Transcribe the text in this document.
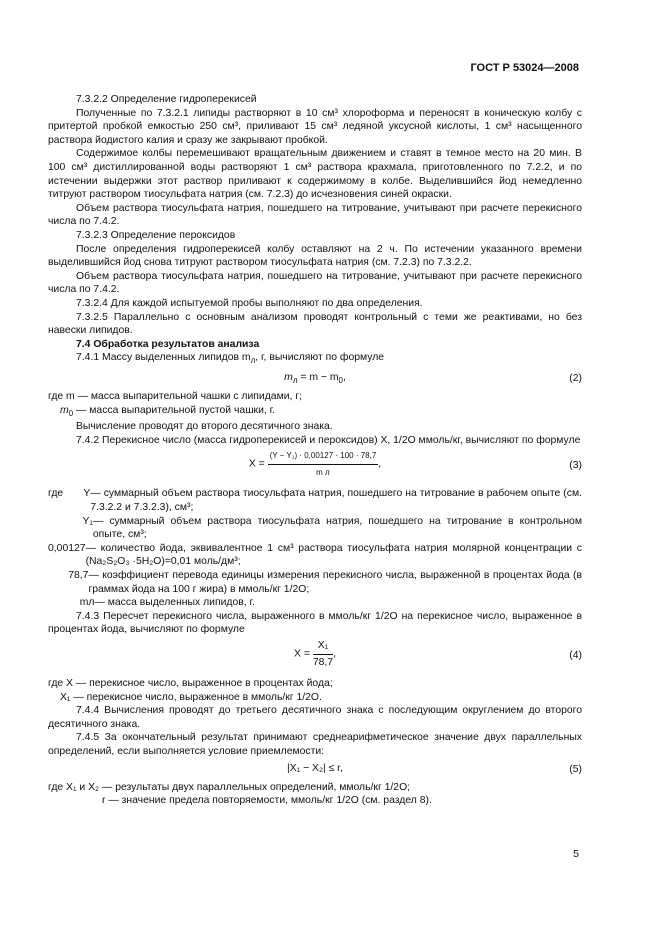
ГОСТ Р 53024—2008

7.3.2.2 Определение гидроперекисей

Полученные по 7.3.2.1 липиды растворяют в 10 см³ хлороформа и переносят в коническую колбу с притертой пробкой емкостью 250 см³, приливают 15 см³ ледяной уксусной кислоты, 1 см³ насыщенного раствора йодистого калия и сразу же закрывают пробкой.

Содержимое колбы перемешивают вращательным движением и ставят в темное место на 20 мин. В 100 см³ дистиллированной воды растворяют 1 см³ раствора крахмала, приготовленного по 7.2.2, и по истечении выдержки этот раствор приливают к содержимому в колбе. Выделившийся йод немедленно титруют раствором тиосульфата натрия (см. 7.2.3) до исчезновения синей окраски.

Объем раствора тиосульфата натрия, пошедшего на титрование, учитывают при расчете перекисного числа по 7.4.2.

7.3.2.3 Определение пероксидов

После определения гидроперекисей колбу оставляют на 2 ч. По истечении указанного времени выделившийся йод снова титруют раствором тиосульфата натрия (см. 7.2.3) по 7.3.2.2.

Объем раствора тиосульфата натрия, пошедшего на титрование, учитывают при расчете перекисного числа по 7.4.2.

7.3.2.4 Для каждой испытуемой пробы выполняют по два определения.

7.3.2.5 Параллельно с основным анализом проводят контрольный с теми же реактивами, но без навески липидов.

7.4 Обработка результатов анализа

7.4.1 Массу выделенных липидов $m_л$, г, вычисляют по формуле

$m_л = m - m_0$,	(2)

где m — масса выпарительной чашки с липидами, г;

$m_0$ — масса выпарительной пустой чашки, г.

Вычисление проводят до второго десятичного знака.

7.4.2 Перекисное число (масса гидроперекисей и пероксидов) X, 1/2O ммоль/кг, вычисляют по формуле

$X = \frac{\text{(Y − Y₁) · 0,00127 · 100 · 78,7}}{\text{m л}}$ ,	(3)
где       Y — суммарный объем раствора тиосульфата натрия, пошедшего на титрование в рабочем опыте (см. 7.3.2.2 и 7.3.2.3), см³;
Y₁ — суммарный объем раствора тиосульфата натрия, пошедшего на титрование в контрольном опыте, см³;
0,00127 — количество йода, эквивалентное 1 см³ раствора тиосульфата натрия молярной концентрации с (Na₂S₂O₃ ·5H₂O)=0,01 моль/дм³;
78,7 — коэффициент перевода единицы измерения перекисного числа, выраженной в процентах йода (в граммах йода на 100 г жира) в ммоль/кг 1/2O;
mл — масса выделенных липидов, г.

7.4.3 Пересчет перекисного числа, выраженного в ммоль/кг 1/2O на перекисное число, выраженное в процентах йода, вычисляют по формуле

$X = \frac{\text{X₁}}{78,7}$ ,	(4)

где X — перекисное число, выраженное в процентах йода;

X₁ — перекисное число, выраженное в ммоль/кг 1/2O.

7.4.4 Вычисления проводят до третьего десятичного знака с последующим округлением до второго десятичного знака.

7.4.5 За окончательный результат принимают среднеарифметическое значение двух параллельных определений, если выполняется условие приемлемости:

|X₁ − X₂| ≤ r,	(5)

где X₁ и X₂ — результаты двух параллельных определений, ммоль/кг 1/2O;

r — значение предела повторяемости, ммоль/кг 1/2O (см. раздел 8).

5
